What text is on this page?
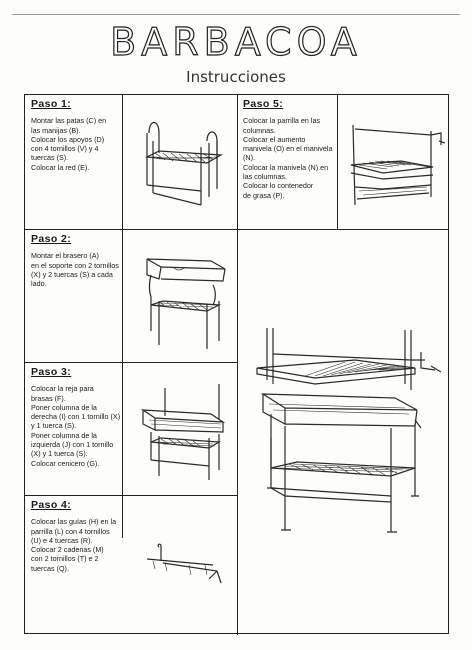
BARBACOA
Instrucciones
Paso 1:

Montar las patas (C) en
las manijas (B).
Colocar los apoyos (D)
con 4 tornillos (V) y 4
tuercas (S).
Colocar la red (E).

Paso 2:

Montar el brasero (A)
en el soporte con 2 tornillos
(X) y 2 tuercas (S) a cada
lado.

Paso 3:

Colocar la reja para
brasas (F).
Poner columna de la
derecha (I) con 1 tornillo (X)
y 1 tuerca (S).
Poner columna de la
izquierda (J) con 1 tornillo
(X) y 1 tuerca (S).
Colocar cenicero (G).

Paso 4:

Colocar las guías (H) en la
parrilla (L) con 4 tornillos
(U) e 4 tuercas (R).
Colocar 2 cadenas (M)
con 2 tornillos (T) e 2
tuercas (Q).

Paso 5:

Colocar la parrilla en las
columnas.
Colocar el aumento
manivela (O) en el manivela
(N).
Colocar la manivela (N) en
las columnas.
Colocar lo contenedor
de grasa (P).
